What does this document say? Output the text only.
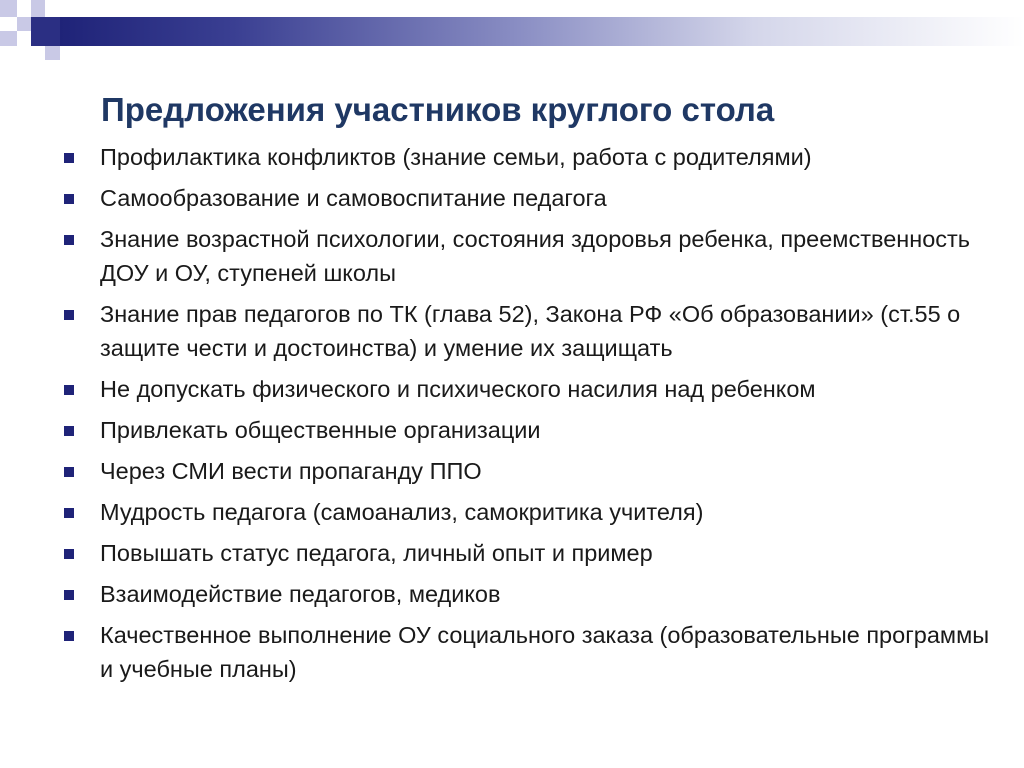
Предложения участников круглого стола
Профилактика конфликтов (знание семьи, работа с родителями)
Самообразование и самовоспитание педагога
Знание возрастной психологии, состояния здоровья ребенка, преемственность ДОУ и ОУ, ступеней школы
Знание прав педагогов по ТК (глава 52), Закона РФ «Об образовании» (ст.55 о защите чести и достоинства) и умение их защищать
Не допускать физического и психического насилия над ребенком
Привлекать общественные организации
Через СМИ вести пропаганду ППО
Мудрость педагога (самоанализ, самокритика учителя)
Повышать статус педагога, личный опыт и пример
Взаимодействие педагогов, медиков
Качественное выполнение ОУ социального заказа (образовательные программы и учебные планы)
